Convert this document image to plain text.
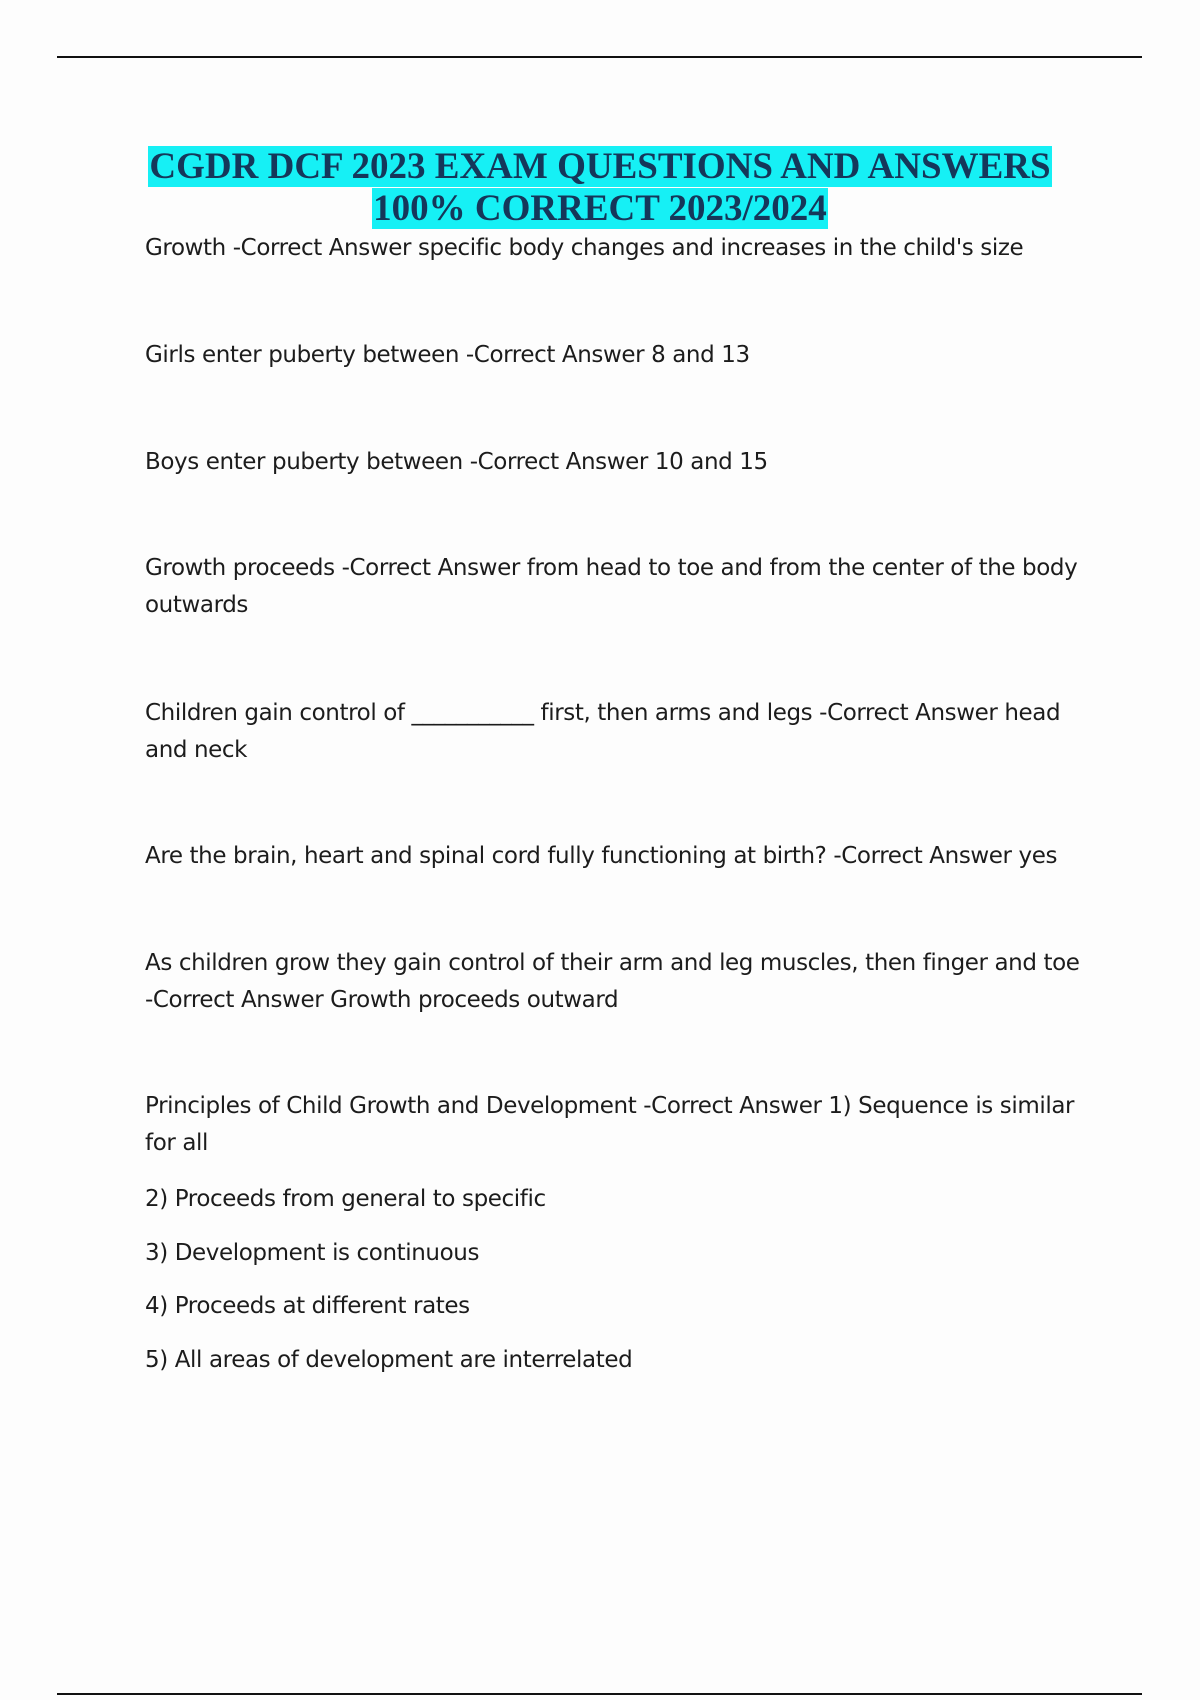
CGDR DCF 2023 EXAM QUESTIONS AND ANSWERS
100% CORRECT 2023/2024

Growth -Correct Answer specific body changes and increases in the child's size

Girls enter puberty between -Correct Answer 8 and 13

Boys enter puberty between -Correct Answer 10 and 15

Growth proceeds -Correct Answer from head to toe and from the center of the body outwards

Children gain control of ___________ first, then arms and legs -Correct Answer head and neck

Are the brain, heart and spinal cord fully functioning at birth? -Correct Answer yes

As children grow they gain control of their arm and leg muscles, then finger and toe -Correct Answer Growth proceeds outward

Principles of Child Growth and Development -Correct Answer 1) Sequence is similar for all

2) Proceeds from general to specific

3) Development is continuous

4) Proceeds at different rates

5) All areas of development are interrelated
